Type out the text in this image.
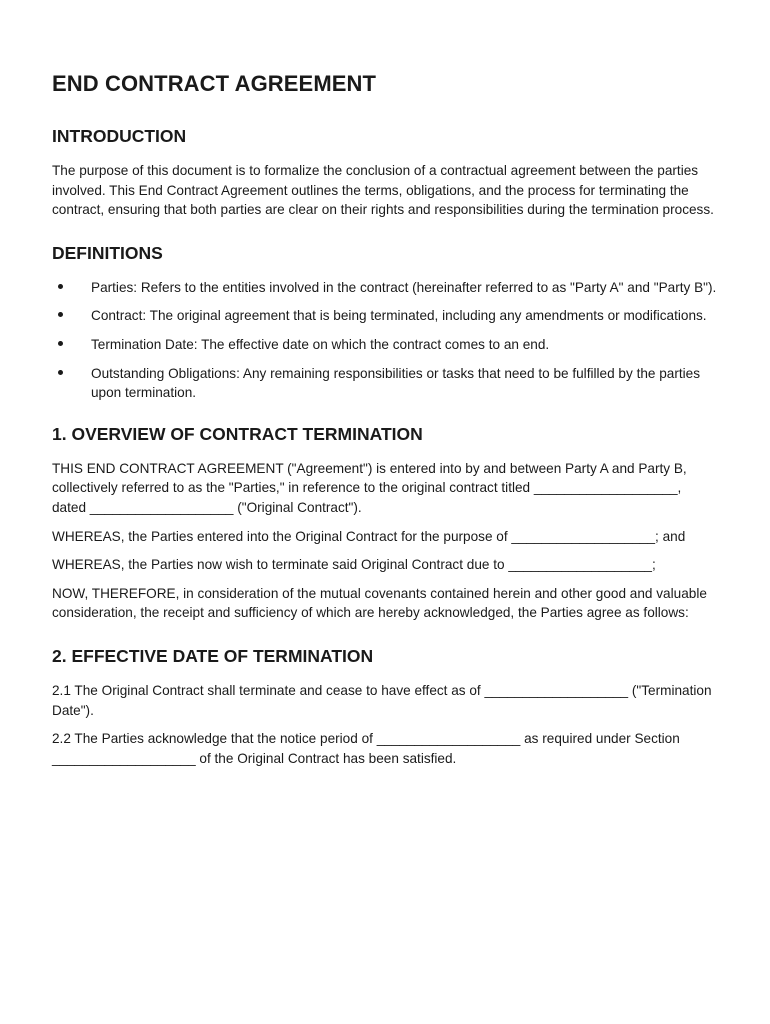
END CONTRACT AGREEMENT
INTRODUCTION

The purpose of this document is to formalize the conclusion of a contractual agreement between the parties involved. This End Contract Agreement outlines the terms, obligations, and the process for terminating the contract, ensuring that both parties are clear on their rights and responsibilities during the termination process.

DEFINITIONS
Parties: Refers to the entities involved in the contract (hereinafter referred to as "Party A" and "Party B").
Contract: The original agreement that is being terminated, including any amendments or modifications.
Termination Date: The effective date on which the contract comes to an end.
Outstanding Obligations: Any remaining responsibilities or tasks that need to be fulfilled by the parties upon termination.
1. OVERVIEW OF CONTRACT TERMINATION

THIS END CONTRACT AGREEMENT ("Agreement") is entered into by and between Party A and Party B, collectively referred to as the "Parties," in reference to the original contract titled ___________________, dated ___________________ ("Original Contract").

WHEREAS, the Parties entered into the Original Contract for the purpose of ___________________; and

WHEREAS, the Parties now wish to terminate said Original Contract due to ___________________;

NOW, THEREFORE, in consideration of the mutual covenants contained herein and other good and valuable consideration, the receipt and sufficiency of which are hereby acknowledged, the Parties agree as follows:

2. EFFECTIVE DATE OF TERMINATION

2.1 The Original Contract shall terminate and cease to have effect as of ___________________ ("Termination Date").

2.2 The Parties acknowledge that the notice period of ___________________ as required under Section ___________________ of the Original Contract has been satisfied.
